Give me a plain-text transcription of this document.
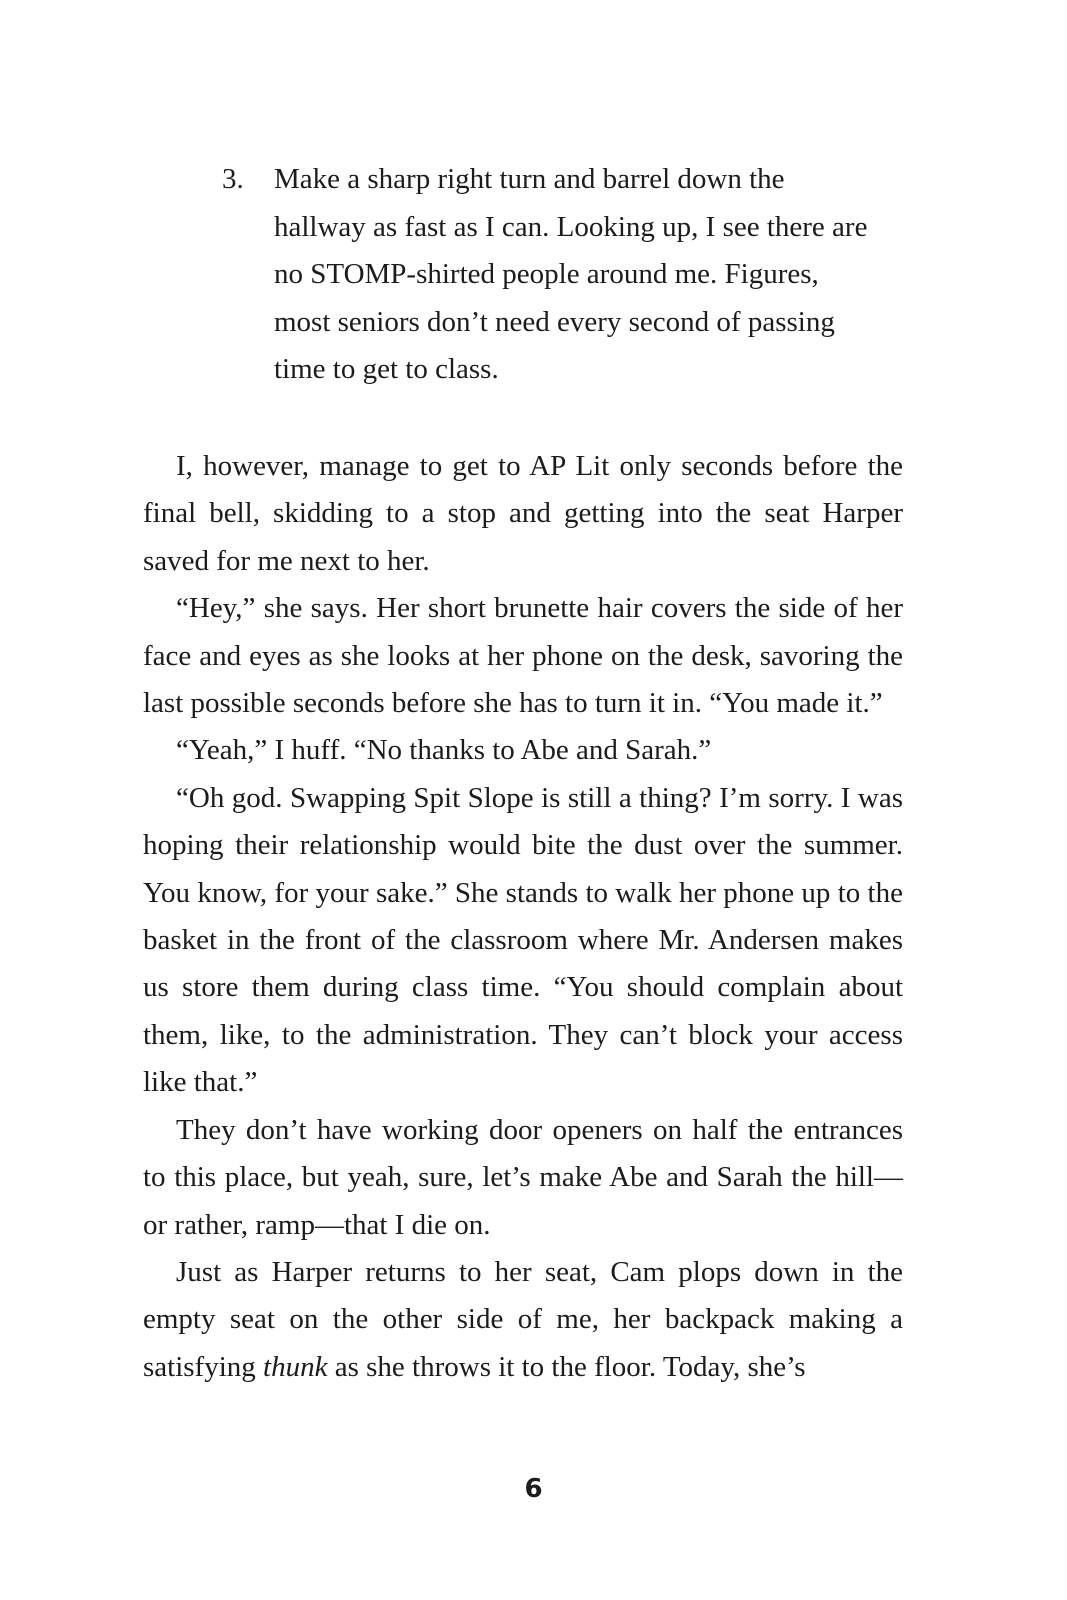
3. Make a sharp right turn and barrel down the
hallway as fast as I can. Looking up, I see there are
no STOMP-shirted people around me. Figures,
most seniors don’t need every second of passing
time to get to class.

I, however, manage to get to AP Lit only seconds before the final bell, skidding to a stop and getting into the seat Harper saved for me next to her.

“Hey,” she says. Her short brunette hair covers the side of her face and eyes as she looks at her phone on the desk, savoring the last possible seconds before she has to turn it in. “You made it.”

“Yeah,” I huff. “No thanks to Abe and Sarah.”

“Oh god. Swapping Spit Slope is still a thing? I’m sorry. I was hoping their relationship would bite the dust over the summer. You know, for your sake.” She stands to walk her phone up to the basket in the front of the classroom where Mr. Andersen makes us store them during class time. “You should complain about them, like, to the administration. They can’t block your access like that.”

They don’t have working door openers on half the entrances to this place, but yeah, sure, let’s make Abe and Sarah the hill—or rather, ramp—that I die on.

Just as Harper returns to her seat, Cam plops down in the empty seat on the other side of me, her backpack making a satisfying thunk as she throws it to the floor. Today, she’s

6
